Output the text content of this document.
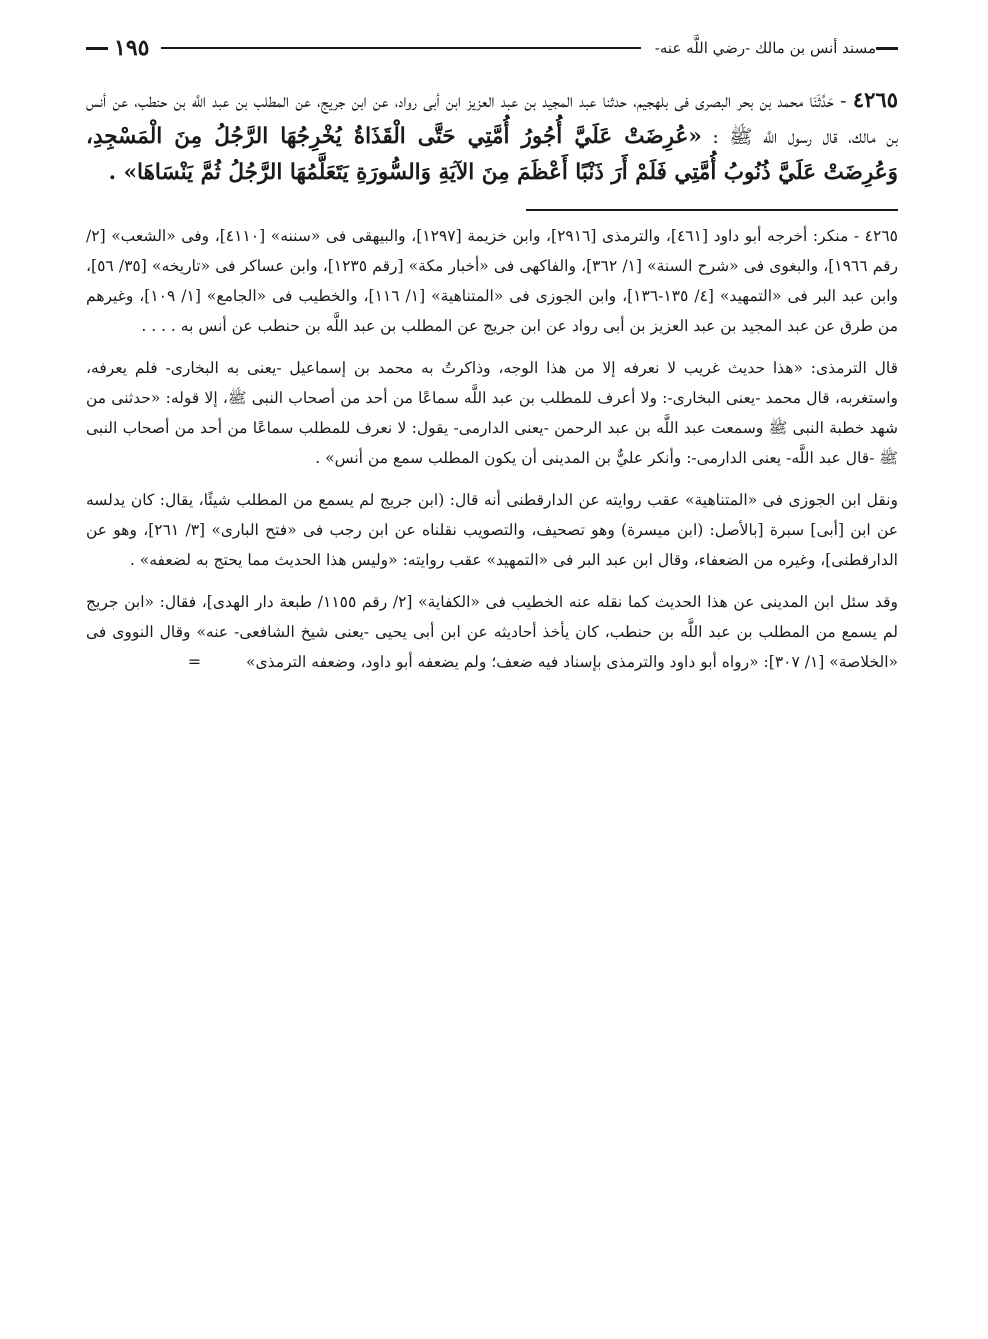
مسند أنس بن مالك -رضي اللَّه عنه-
١٩٥
٤٢٦٥ - حَدَّثَنَا محمد بن بحر البصرى فى بلهجيم، حدثنا عبد المجيد بن عبد العزيز ابن أبى رواد، عن ابن جريج، عن المطلب بن عبد اللَّه بن حنطب، عن أنس بن مالك، قال رسول اللَّه ﷺ : «عُرِضَتْ عَلَيَّ أُجُورُ أُمَّتِي حَتَّى الْقَذَاةُ يُخْرِجُهَا الرَّجُلُ مِنَ الْمَسْجِدِ، وَعُرِضَتْ عَلَيَّ ذُنُوبُ أُمَّتِي فَلَمْ أَرَ ذَنْبًا أَعْظَمَ مِنَ الآيَةِ وَالسُّورَةِ يَتَعَلَّمُهَا الرَّجُلُ ثُمَّ يَنْسَاهَا» .

٤٢٦٥ - منكر: أخرجه أبو داود [٤٦١]، والترمذى [٢٩١٦]، وابن خزيمة [١٢٩٧]، والبيهقى فى «سننه» [٤١١٠]، وفى «الشعب» [٢/ رقم ١٩٦٦]، والبغوى فى «شرح السنة» [١/ ٣٦٢]، والفاكهى فى «أخبار مكة» [رقم ١٢٣٥]، وابن عساكر فى «تاريخه» [٣٥/ ٥٦]، وابن عبد البر فى «التمهيد» [٤/ ١٣٥-١٣٦]، وابن الجوزى فى «المتناهية» [١/ ١١٦]، والخطيب فى «الجامع» [١/ ١٠٩]، وغيرهم من طرق عن عبد المجيد بن عبد العزيز بن أبى رواد عن ابن جريج عن المطلب بن عبد اللَّه بن حنطب عن أنس به . . . .

قال الترمذى: «هذا حديث غريب لا نعرفه إلا من هذا الوجه، وذاكرتُ به محمد بن إسماعيل -يعنى به البخارى- فلم يعرفه، واستغربه، قال محمد -يعنى البخارى-: ولا أعرف للمطلب بن عبد اللَّه سماعًا من أحد من أصحاب النبى ﷺ، إلا قوله: «حدثنى من شهد خطبة النبى ﷺ وسمعت عبد اللَّه بن عبد الرحمن -يعنى الدارمى- يقول: لا نعرف للمطلب سماعًا من أحد من أصحاب النبى ﷺ -قال عبد اللَّه- يعنى الدارمى-: وأنكر عليٌّ بن المدينى أن يكون المطلب سمع من أنس» .

ونقل ابن الجوزى فى «المتناهية» عقب روايته عن الدارقطنى أنه قال: (ابن جريج لم يسمع من المطلب شيئًا، يقال: كان يدلسه عن ابن [أبى] سبرة [بالأصل: (ابن ميسرة) وهو تصحيف، والتصويب نقلناه عن ابن رجب فى «فتح البارى» [٣/ ٢٦١]، وهو عن الدارقطنى]، وغيره من الضعفاء، وقال ابن عبد البر فى «التمهيد» عقب روايته: «وليس هذا الحديث مما يحتج به لضعفه» .

وقد سئل ابن المدينى عن هذا الحديث كما نقله عنه الخطيب فى «الكفاية» [٢/ رقم ١١٥٥/ طبعة دار الهدى]، فقال: «ابن جريج لم يسمع من المطلب بن عبد اللَّه بن حنطب، كان يأخذ أحاديثه عن ابن أبى يحيى -يعنى شيخ الشافعى- عنه» وقال النووى فى «الخلاصة» [١/ ٣٠٧]: «رواه أبو داود والترمذى بإسناد فيه ضعف؛ ولم يضعفه أبو داود، وضعفه الترمذى» =
